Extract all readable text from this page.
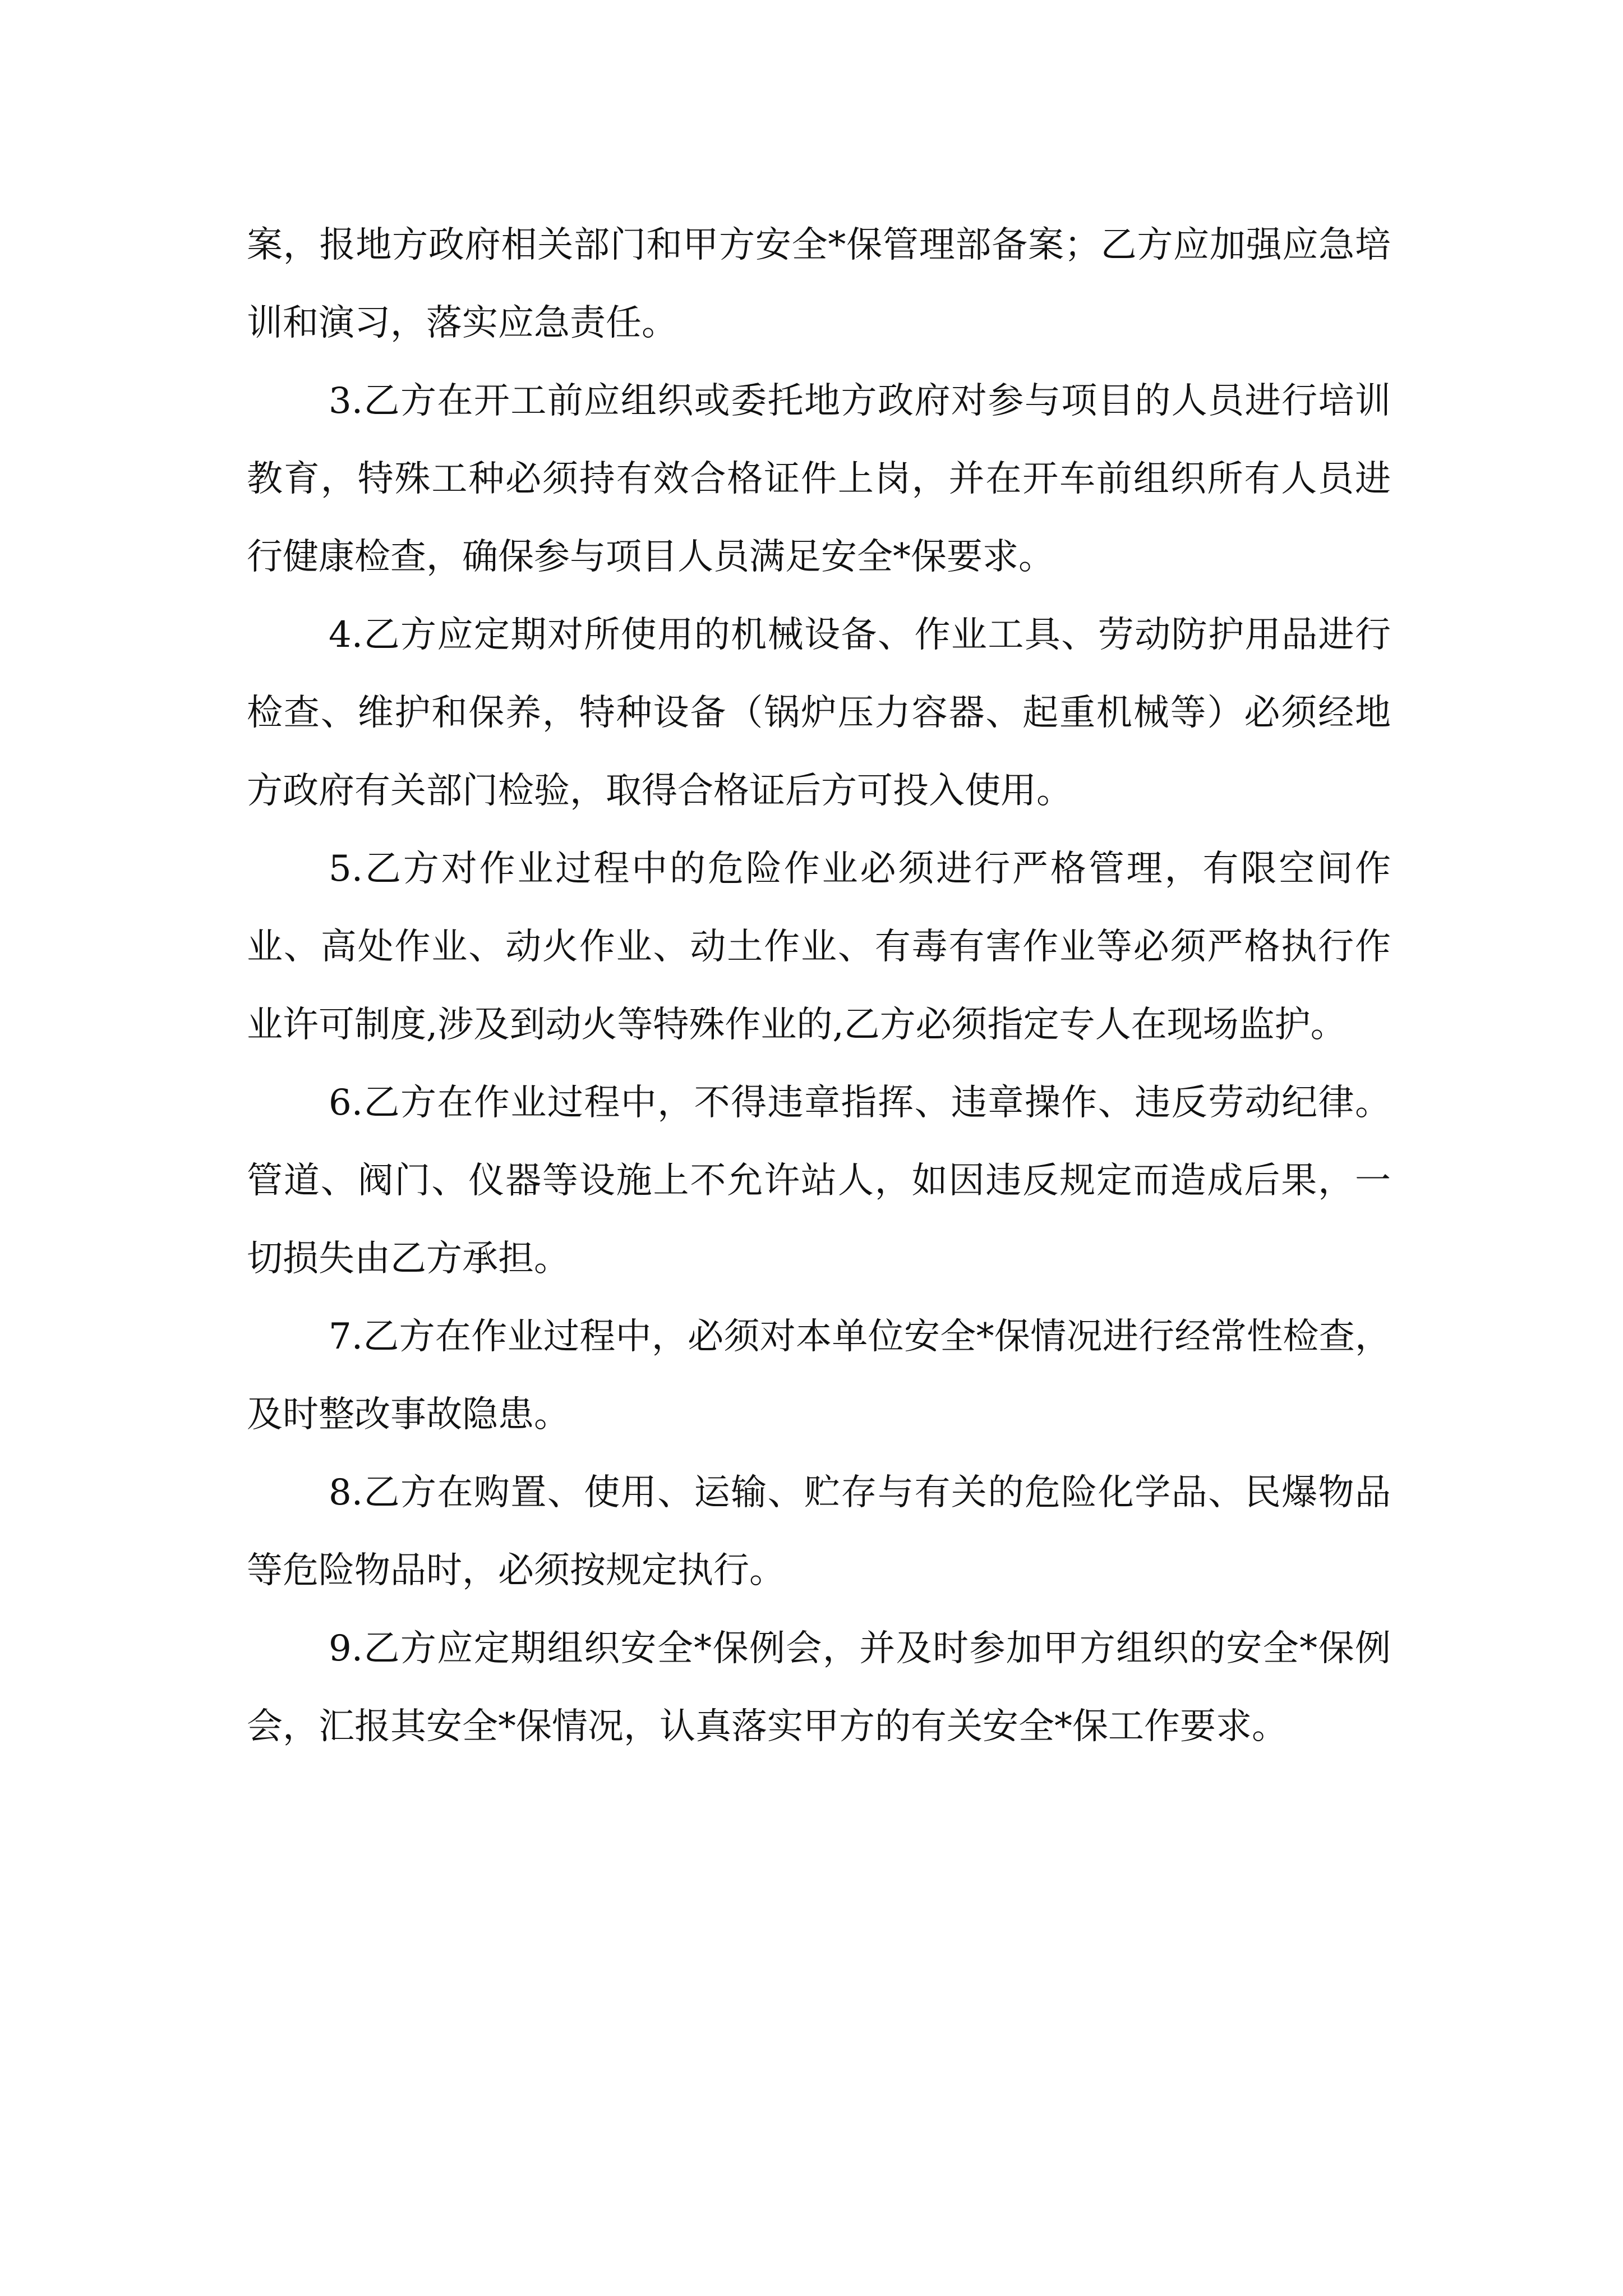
案，报地方政府相关部门和甲方安全*保管理部备案；乙方应加强应急培训和演习，落实应急责任。

3.乙方在开工前应组织或委托地方政府对参与项目的人员进行培训教育，特殊工种必须持有效合格证件上岗，并在开车前组织所有人员进行健康检查，确保参与项目人员满足安全*保要求。

4.乙方应定期对所使用的机械设备、作业工具、劳动防护用品进行检查、维护和保养，特种设备（锅炉压力容器、起重机械等）必须经地方政府有关部门检验，取得合格证后方可投入使用。

5.乙方对作业过程中的危险作业必须进行严格管理，有限空间作业、高处作业、动火作业、动土作业、有毒有害作业等必须严格执行作业许可制度,涉及到动火等特殊作业的,乙方必须指定专人在现场监护。

6.乙方在作业过程中，不得违章指挥、违章操作、违反劳动纪律。管道、阀门、仪器等设施上不允许站人，如因违反规定而造成后果，一切损失由乙方承担。

7.乙方在作业过程中，必须对本单位安全*保情况进行经常性检查，及时整改事故隐患。

8.乙方在购置、使用、运输、贮存与有关的危险化学品、民爆物品等危险物品时，必须按规定执行。

9.乙方应定期组织安全*保例会，并及时参加甲方组织的安全*保例会，汇报其安全*保情况，认真落实甲方的有关安全*保工作要求。
